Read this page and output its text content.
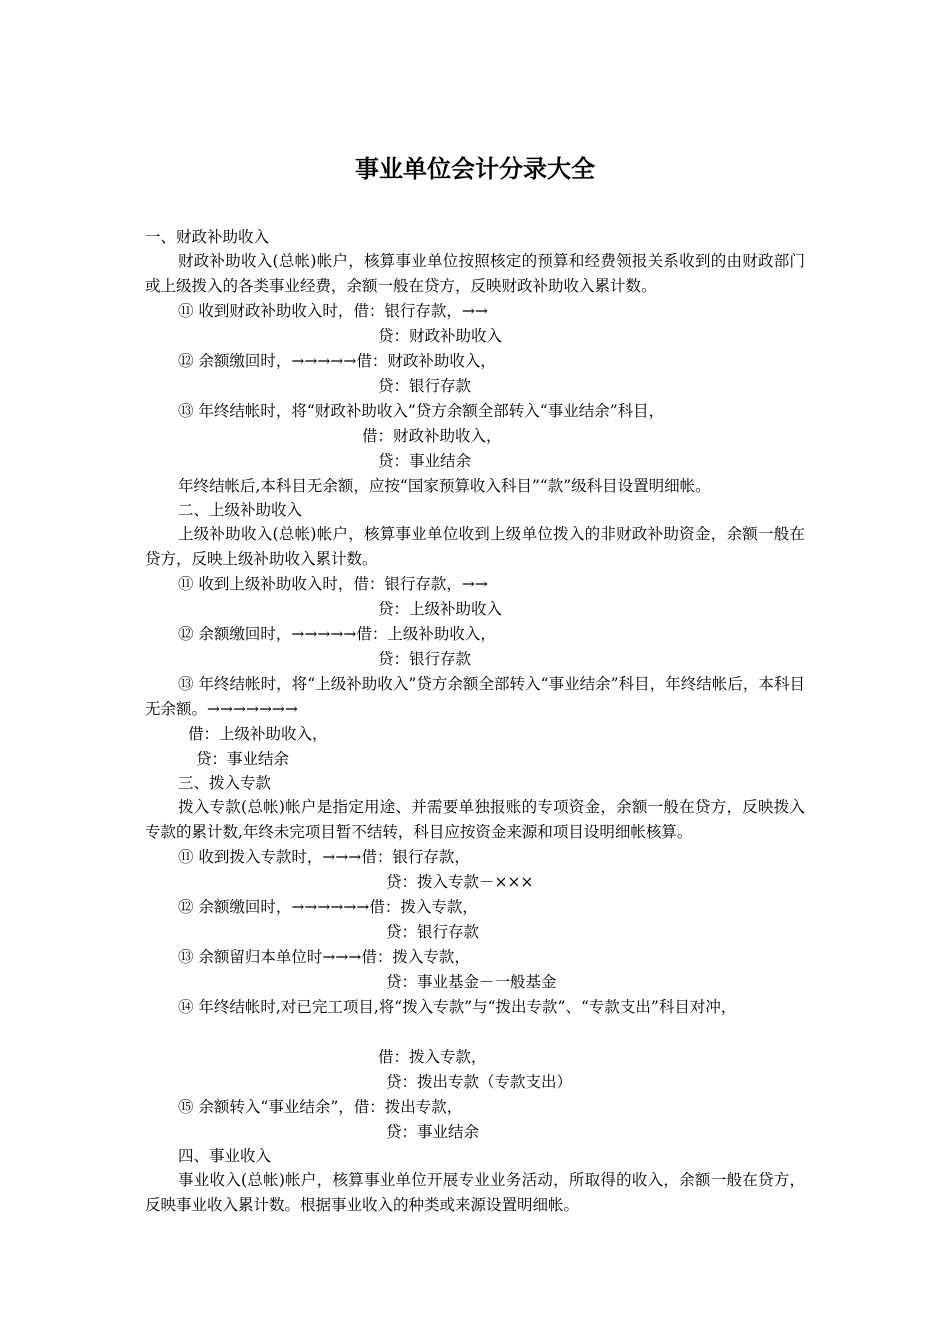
事业单位会计分录大全
一、财政补助收入
财政补助收入(总帐)帐户，核算事业单位按照核定的预算和经费领报关系收到的由财政部门或上级拨入的各类事业经费，余额一般在贷方，反映财政补助收入累计数。
⑪ 收到财政补助收入时，借：银行存款，→→
贷：财政补助收入
⑫ 余额缴回时，→→→→→借：财政补助收入，
贷：银行存款
⑬ 年终结帐时，将“财政补助收入”贷方余额全部转入“事业结余”科目，
借：财政补助收入，
贷：事业结余
年终结帐后,本科目无余额，应按“国家预算收入科目”“款”级科目设置明细帐。
二、上级补助收入
上级补助收入(总帐)帐户，核算事业单位收到上级单位拨入的非财政补助资金，余额一般在贷方，反映上级补助收入累计数。
⑪ 收到上级补助收入时，借：银行存款，→→
贷：上级补助收入
⑫ 余额缴回时，→→→→→借：上级补助收入，
贷：银行存款
⑬ 年终结帐时，将“上级补助收入”贷方余额全部转入“事业结余”科目，年终结帐后，本科目无余额。→→→→→→→
借：上级补助收入，
贷：事业结余
三、拨入专款
拨入专款(总帐)帐户是指定用途、并需要单独报账的专项资金，余额一般在贷方，反映拨入专款的累计数,年终未完项目暂不结转，科目应按资金来源和项目设明细帐核算。
⑪ 收到拨入专款时，→→→借：银行存款，
贷：拨入专款－×××
⑫ 余额缴回时，→→→→→→借：拨入专款，
贷：银行存款
⑬ 余额留归本单位时→→→借：拨入专款，
贷：事业基金－一般基金
⑭ 年终结帐时,对已完工项目,将“拨入专款”与“拨出专款”、“专款支出”科目对冲，
借：拨入专款，
贷：拨出专款（专款支出）
⑮ 余额转入“事业结余”，借：拨出专款，
贷：事业结余
四、事业收入
事业收入(总帐)帐户，核算事业单位开展专业业务活动，所取得的收入，余额一般在贷方，反映事业收入累计数。根据事业收入的种类或来源设置明细帐。
